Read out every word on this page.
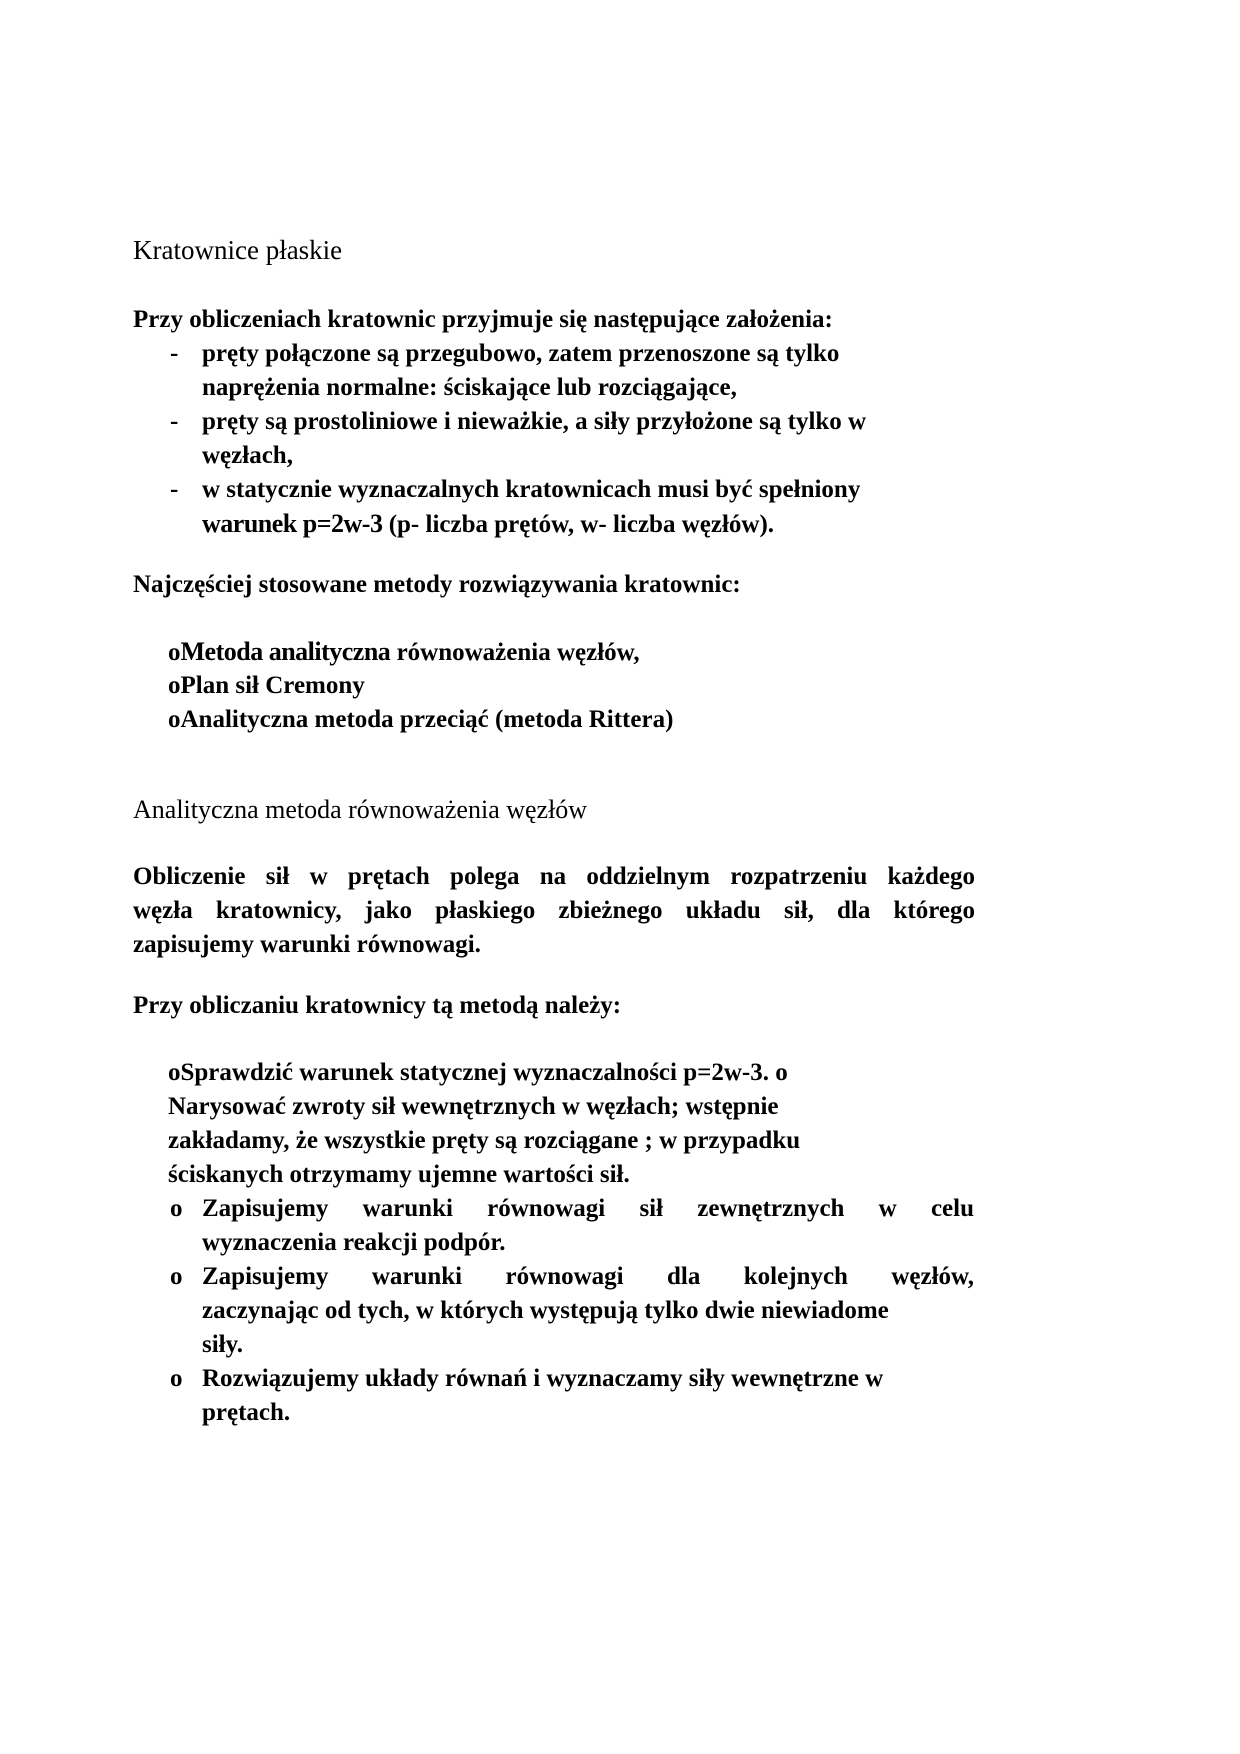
Kratownice płaskie
Przy obliczeniach kratownic przyjmuje się następujące założenia:
- pręty połączone są przegubowo, zatem przenoszone są tylko
naprężenia normalne: ściskające lub rozciągające,
- pręty są prostoliniowe i nieważkie, a siły przyłożone są tylko w
węzłach,
- w statycznie wyznaczalnych kratownicach musi być spełniony
warunek p=2w-3 (p- liczba prętów, w- liczba węzłów).
Najczęściej stosowane metody rozwiązywania kratownic:
oMetoda analityczna równoważenia węzłów,
oPlan sił Cremony
oAnalityczna metoda przeciąć (metoda Rittera)
Analityczna metoda równoważenia węzłów
Obliczenie sił w prętach polega na oddzielnym rozpatrzeniu każdego
węzła kratownicy, jako płaskiego zbieżnego układu sił, dla którego
zapisujemy warunki równowagi.
Przy obliczaniu kratownicy tą metodą należy:
oSprawdzić warunek statycznej wyznaczalności p=2w-3. o
Narysować zwroty sił wewnętrznych w węzłach; wstępnie
zakładamy, że wszystkie pręty są rozciągane ; w przypadku
ściskanych otrzymamy ujemne wartości sił.
o Zapisujemy warunki równowagi sił zewnętrznych w celu
wyznaczenia reakcji podpór.
o Zapisujemy warunki równowagi dla kolejnych węzłów,
zaczynając od tych, w których występują tylko dwie niewiadome
siły.
o Rozwiązujemy układy równań i wyznaczamy siły wewnętrzne w
prętach.
